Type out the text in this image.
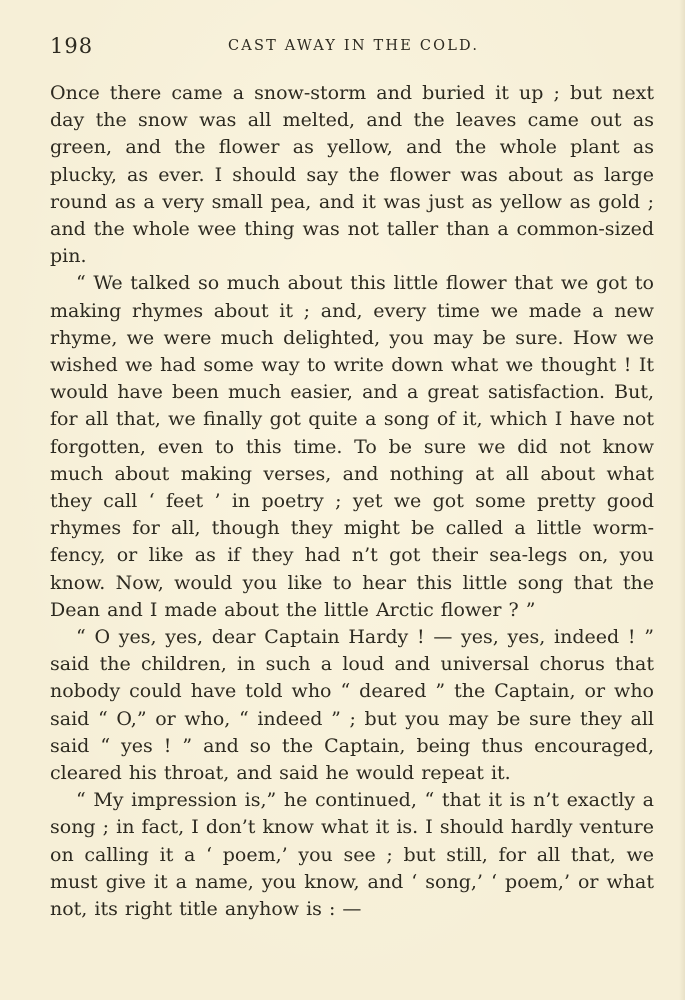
198	CAST AWAY IN THE COLD.

Once there came a snow-storm and buried it up ; but next day the snow was all melted, and the leaves came out as green, and the flower as yellow, and the whole plant as plucky, as ever. I should say the flower was about as large round as a very small pea, and it was just as yellow as gold ; and the whole wee thing was not taller than a common-sized pin.

“ We talked so much about this little flower that we got to making rhymes about it ; and, every time we made a new rhyme, we were much delighted, you may be sure. How we wished we had some way to write down what we thought ! It would have been much easier, and a great satisfaction. But, for all that, we finally got quite a song of it, which I have not forgotten, even to this time. To be sure we did not know much about making verses, and nothing at all about what they call ‘ feet ’ in poetry ; yet we got some pretty good rhymes for all, though they might be called a little worm-fency, or like as if they had n’t got their sea-legs on, you know. Now, would you like to hear this little song that the Dean and I made about the little Arctic flower ? ”

“ O yes, yes, dear Captain Hardy ! — yes, yes, indeed ! ” said the children, in such a loud and universal chorus that nobody could have told who “ deared ” the Captain, or who said “ O,” or who, “ indeed ” ; but you may be sure they all said “ yes ! ” and so the Captain, being thus encouraged, cleared his throat, and said he would repeat it.

“ My impression is,” he continued, “ that it is n’t exactly a song ; in fact, I don’t know what it is. I should hardly venture on calling it a ‘ poem,’ you see ; but still, for all that, we must give it a name, you know, and ‘ song,’ ‘ poem,’ or what not, its right title anyhow is : —
